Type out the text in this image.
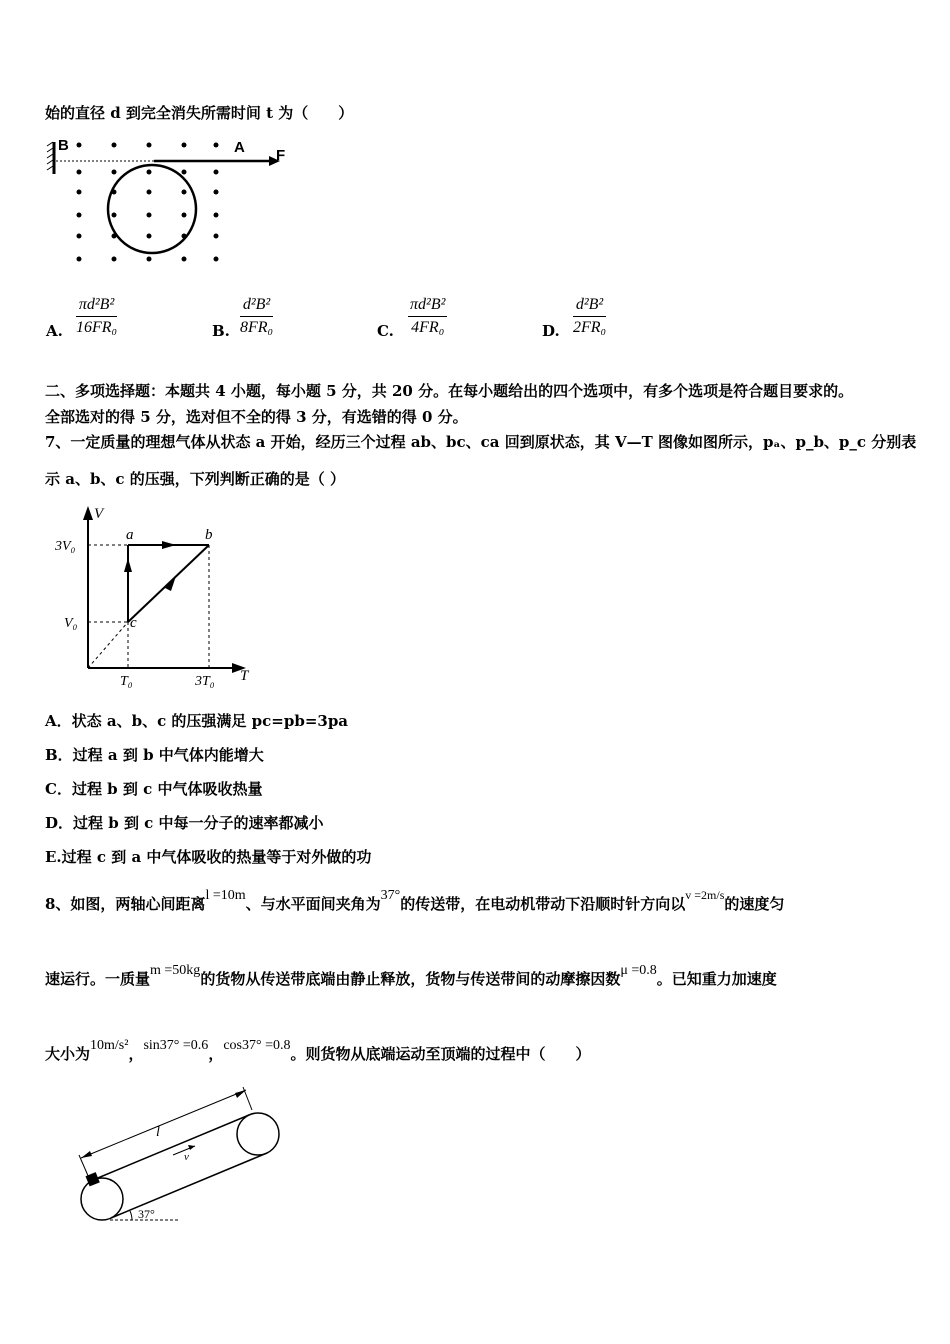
始的直径 d 到完全消失所需时间 t 为（　　）
B	A F
A. $\frac{\text{πd²B²}}{\text{16FR₀}}$	B. $\frac{\text{d²B²}}{\text{8FR₀}}$	C. $\frac{\text{πd²B²}}{\text{4FR₀}}$	D. $\frac{\text{d²B²}}{\text{2FR₀}}$
二、多项选择题：本题共 4 小题，每小题 5 分，共 20 分。在每小题给出的四个选项中，有多个选项是符合题目要求的。
全部选对的得 5 分，选对但不全的得 3 分，有选错的得 0 分。
7、一定质量的理想气体从状态 a 开始，经历三个过程 ab、bc、ca 回到原状态，其 V—T 图像如图所示，pₐ、p_b、p_c 分别表
示 a、b、c 的压强，下列判断正确的是（ ）
V
T
a	b
c
3V₀
V₀
T₀	3T₀
A．状态 a、b、c 的压强满足 pc=pb=3pa
B．过程 a 到 b 中气体内能增大
C．过程 b 到 c 中气体吸收热量
D．过程 b 到 c 中每一分子的速率都减小
E.过程 c 到 a 中气体吸收的热量等于对外做的功
8、如图，两轴心间距离l =10m、与水平面间夹角为37°的传送带，在电动机带动下沿顺时针方向以$^{v =2m/s}$的速度匀
速运行。一质量m =50kg的货物从传送带底端由静止释放，货物与传送带间的动摩擦因数μ =0.8。已知重力加速度
大小为10m/s²，sin37° =0.6，cos37° =0.8。则货物从底端运动至顶端的过程中（　　）
l
v
37°
